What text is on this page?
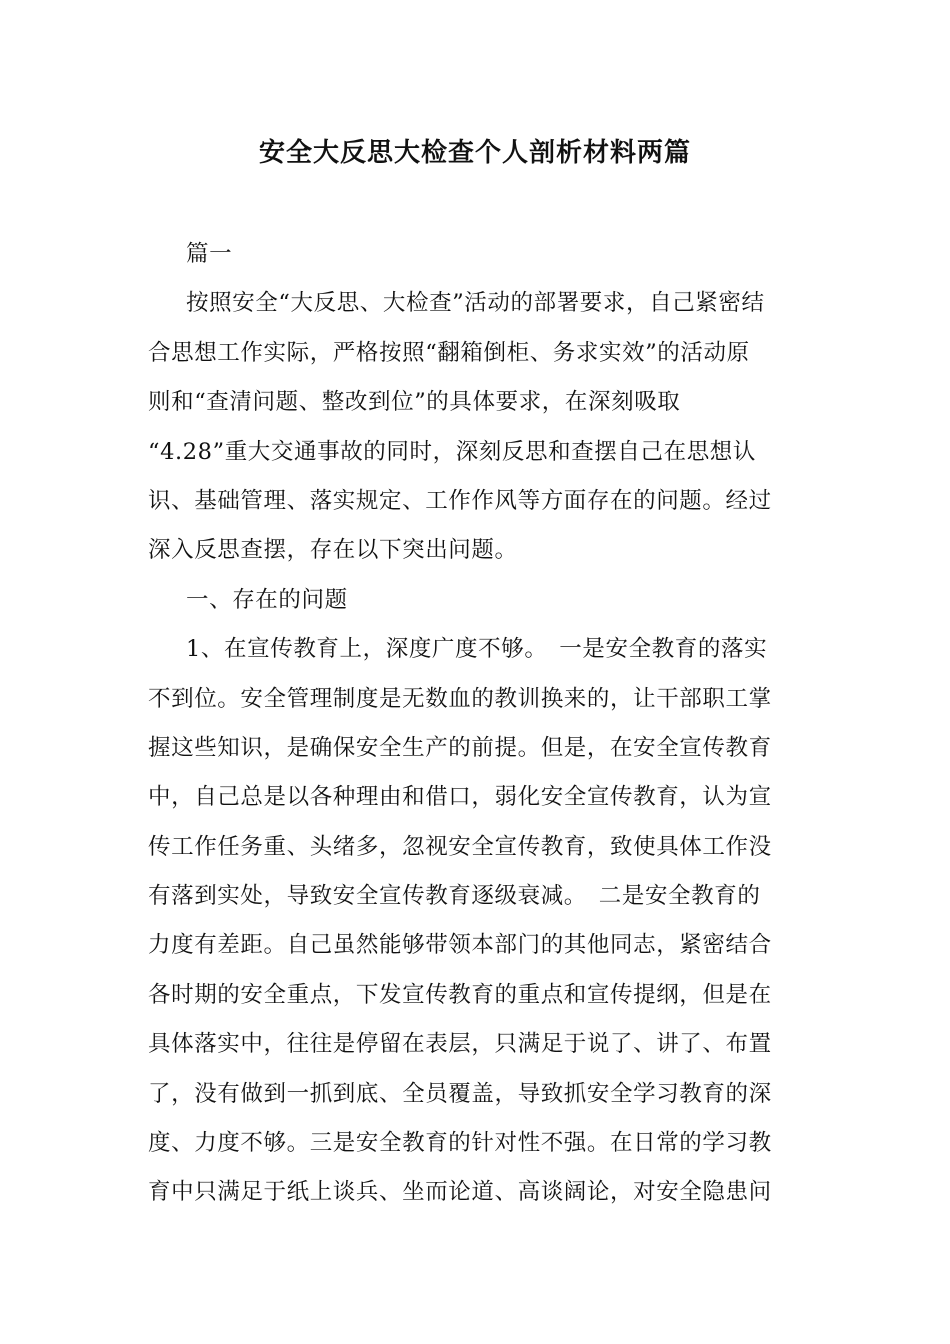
安全大反思大检查个人剖析材料两篇
篇一
按照安全“大反思、大检查”活动的部署要求，自己紧密结
合思想工作实际，严格按照“翻箱倒柜、务求实效”的活动原
则和“查清问题、整改到位”的具体要求，在深刻吸取
“4.28”重大交通事故的同时，深刻反思和查摆自己在思想认
识、基础管理、落实规定、工作作风等方面存在的问题。经过
深入反思查摆，存在以下突出问题。
一、存在的问题
1、在宣传教育上，深度广度不够。　一是安全教育的落实
不到位。安全管理制度是无数血的教训换来的，让干部职工掌
握这些知识，是确保安全生产的前提。但是，在安全宣传教育
中，自己总是以各种理由和借口，弱化安全宣传教育，认为宣
传工作任务重、头绪多，忽视安全宣传教育，致使具体工作没
有落到实处，导致安全宣传教育逐级衰减。　二是安全教育的
力度有差距。自己虽然能够带领本部门的其他同志，紧密结合
各时期的安全重点，下发宣传教育的重点和宣传提纲，但是在
具体落实中，往往是停留在表层，只满足于说了、讲了、布置
了，没有做到一抓到底、全员覆盖，导致抓安全学习教育的深
度、力度不够。三是安全教育的针对性不强。在日常的学习教
育中只满足于纸上谈兵、坐而论道、高谈阔论，对安全隐患问
